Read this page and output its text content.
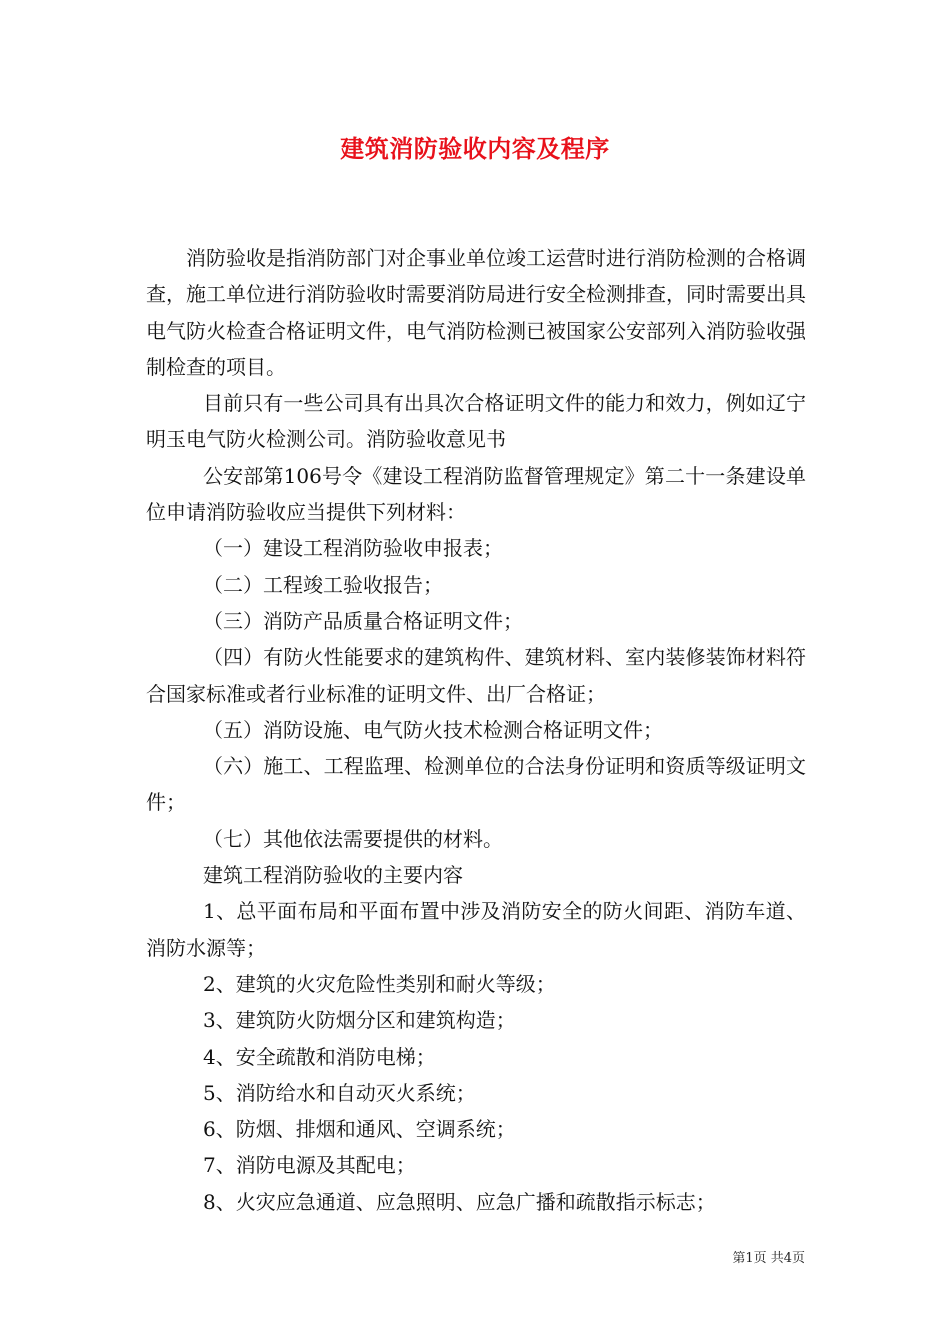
建筑消防验收内容及程序

消防验收是指消防部门对企事业单位竣工运营时进行消防检测的合格调查，施工单位进行消防验收时需要消防局进行安全检测排查，同时需要出具电气防火检查合格证明文件，电气消防检测已被国家公安部列入消防验收强制检查的项目。

目前只有一些公司具有出具次合格证明文件的能力和效力，例如辽宁明玉电气防火检测公司。消防验收意见书

公安部第106号令《建设工程消防监督管理规定》第二十一条建设单位申请消防验收应当提供下列材料：

（一）建设工程消防验收申报表；

（二）工程竣工验收报告；

（三）消防产品质量合格证明文件；

（四）有防火性能要求的建筑构件、建筑材料、室内装修装饰材料符合国家标准或者行业标准的证明文件、出厂合格证；

（五）消防设施、电气防火技术检测合格证明文件；

（六）施工、工程监理、检测单位的合法身份证明和资质等级证明文件；

（七）其他依法需要提供的材料。

建筑工程消防验收的主要内容

1、总平面布局和平面布置中涉及消防安全的防火间距、消防车道、消防水源等；

2、建筑的火灾危险性类别和耐火等级；

3、建筑防火防烟分区和建筑构造；

4、安全疏散和消防电梯；

5、消防给水和自动灭火系统；

6、防烟、排烟和通风、空调系统；

7、消防电源及其配电；

8、火灾应急通道、应急照明、应急广播和疏散指示标志；

第1页 共4页
